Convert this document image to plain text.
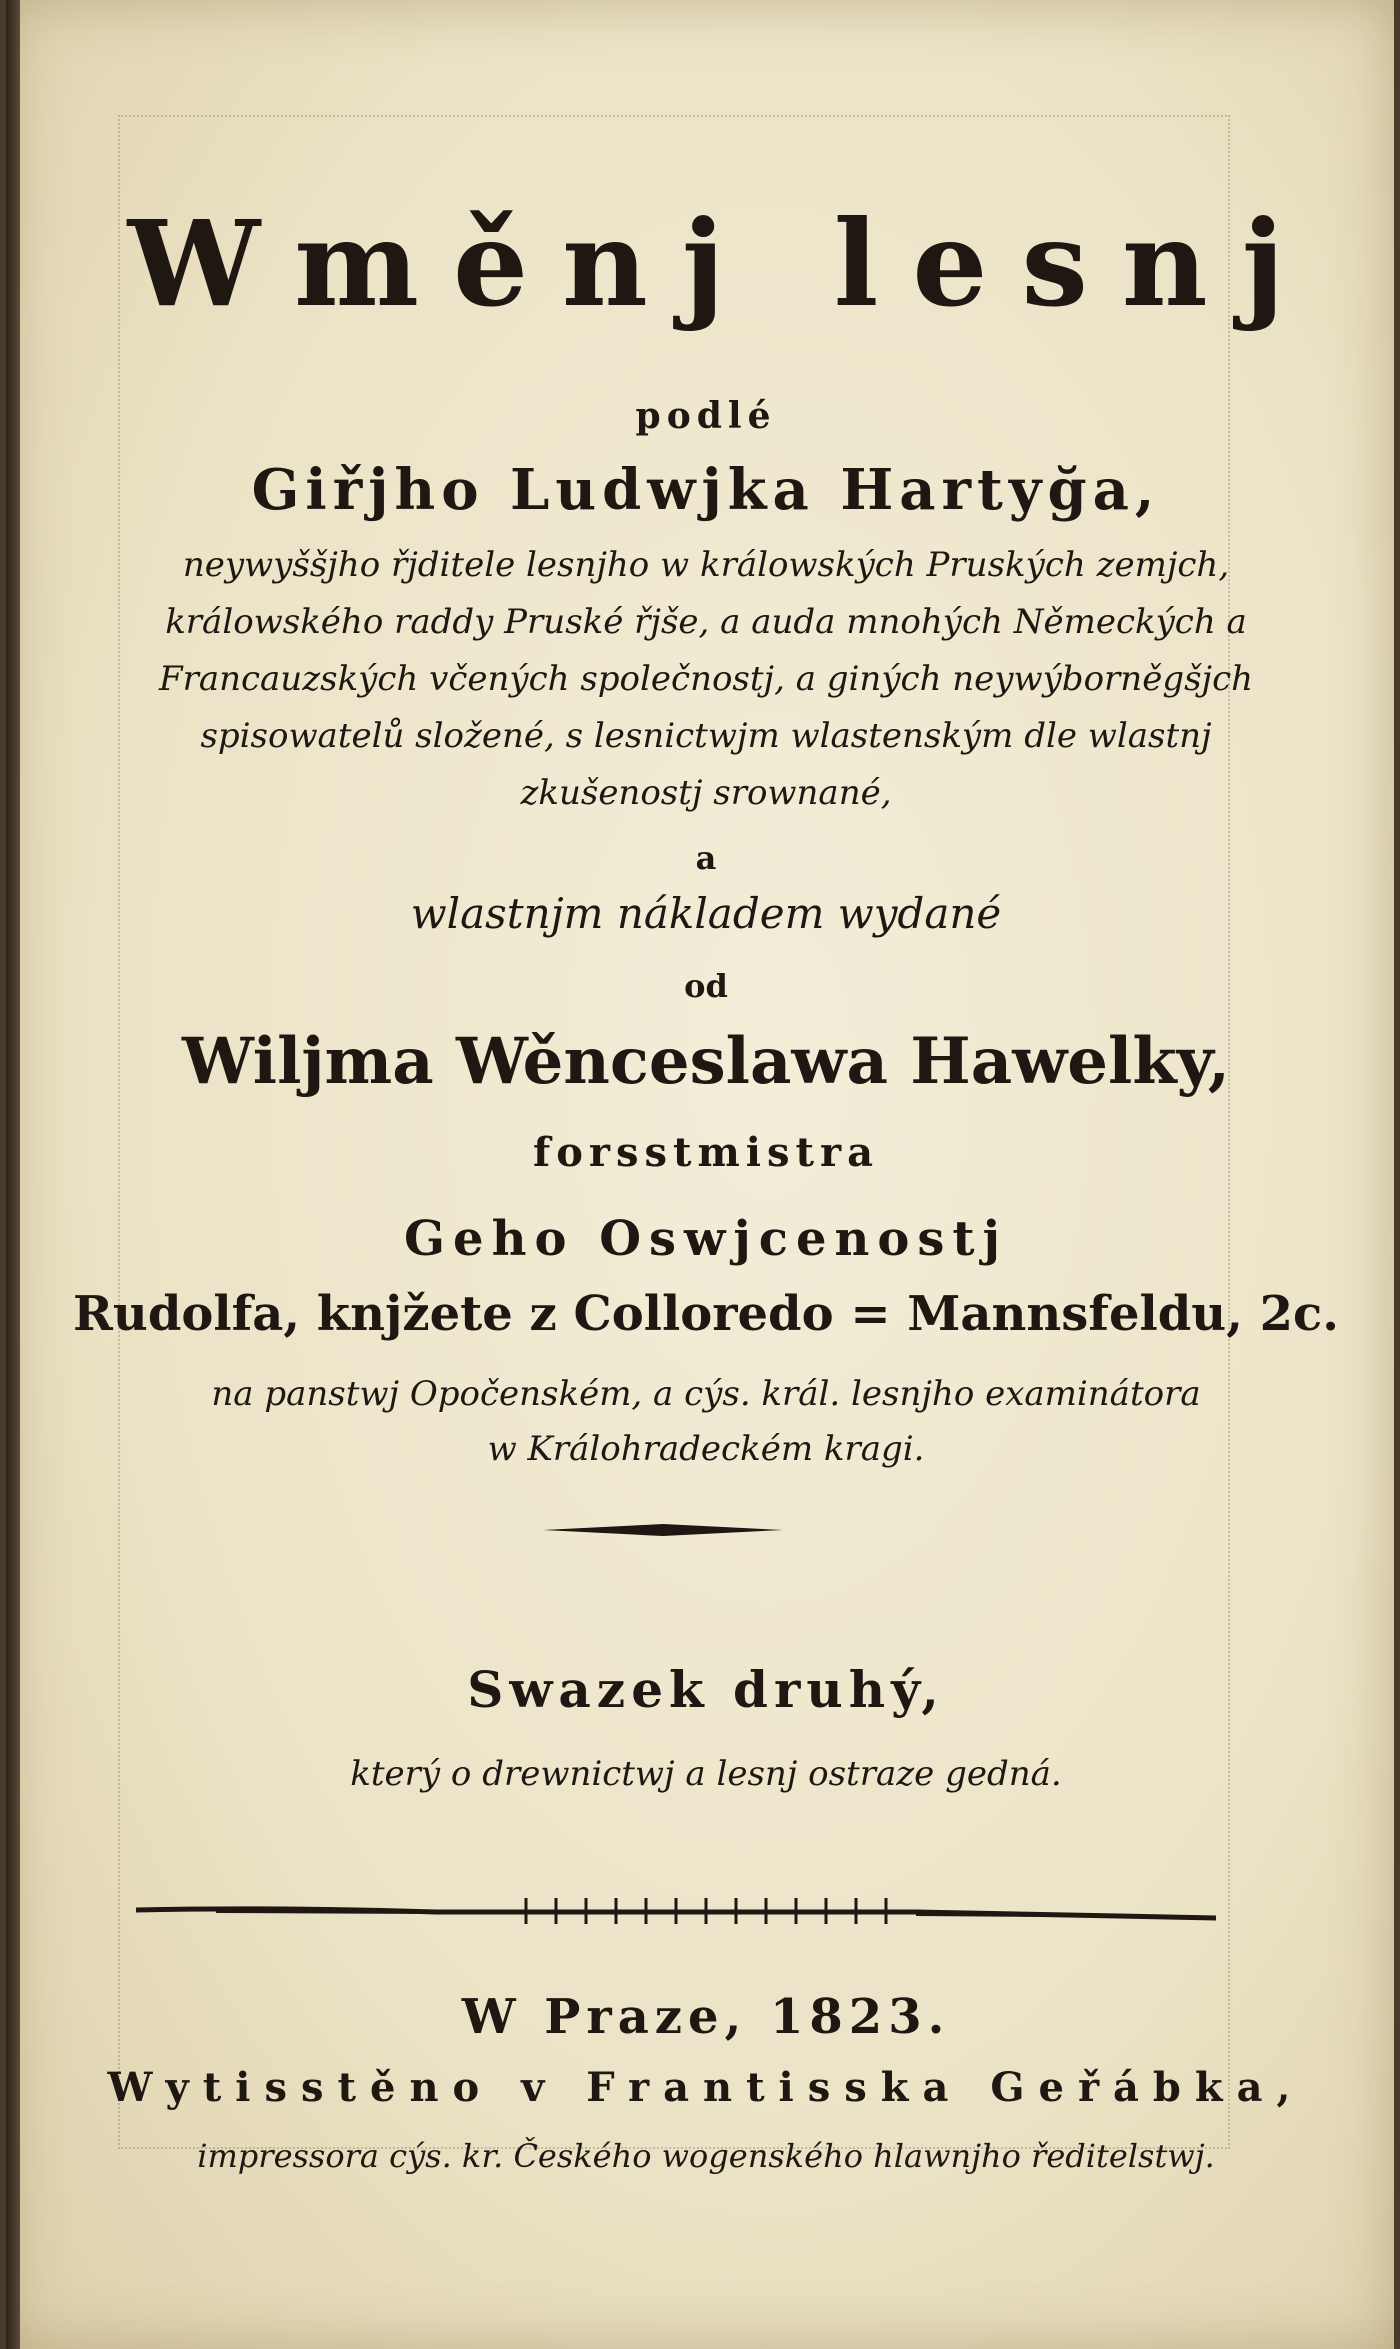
Wměnj lesnj
podlé
Giřjho Ludwjka Hartyğa,
neywyššjho řjditele lesnjho w králowských Pruských zemjch,
králowského raddy Pruské řjše, a auda mnohých Německých a
Francauzských včených společnostj, a giných neywýborněgšjch
spisowatelů složené, s lesnictwjm wlastenským dle wlastnj
zkušenostj srownané,
a
wlastnjm nákladem wydané
od
Wiljma Wěnceslawa Hawelky,
forsstmistra
Geho Oswjcenostj
Rudolfa, knjžete z Colloredo = Mannsfeldu, 2c.
na panstwj Opočenském, a cýs. král. lesnjho examinátora
w Králohradeckém kragi.
Swazek druhý,
který o drewnictwj a lesnj ostraze gedná.
W Praze, 1823.
Wytisstěno v Frantisska Geřábka,
impressora cýs. kr. Českého wogenského hlawnjho ředitelstwj.
